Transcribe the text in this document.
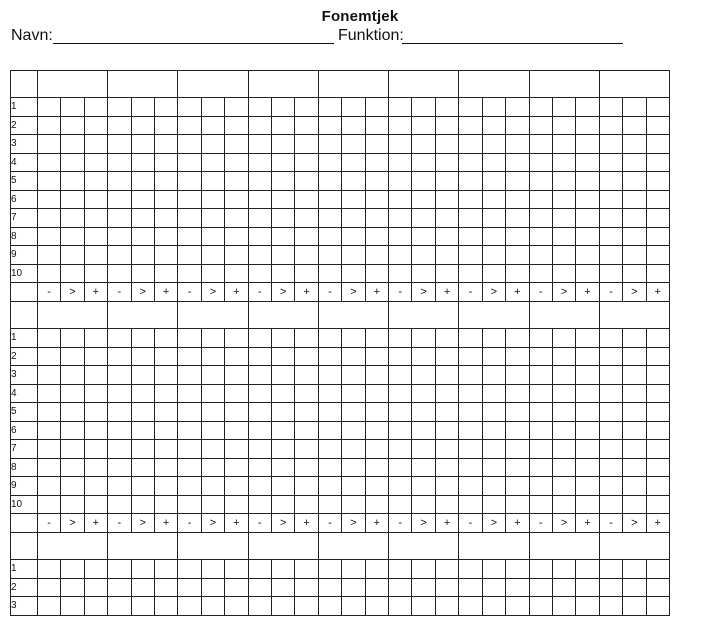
Fonemtjek
Navn:	Funktion:

1																											
2																											
3																											
4																											
5																											
6																											
7																											
8																											
9																											
10																											
	-	>	+	-	>	+	-	>	+	-	>	+	-	>	+	-	>	+	-	>	+	-	>	+	-	>	+

1																											
2																											
3																											
4																											
5																											
6																											
7																											
8																											
9																											
10																											
	-	>	+	-	>	+	-	>	+	-	>	+	-	>	+	-	>	+	-	>	+	-	>	+	-	>	+

1																											
2																											
3																											
